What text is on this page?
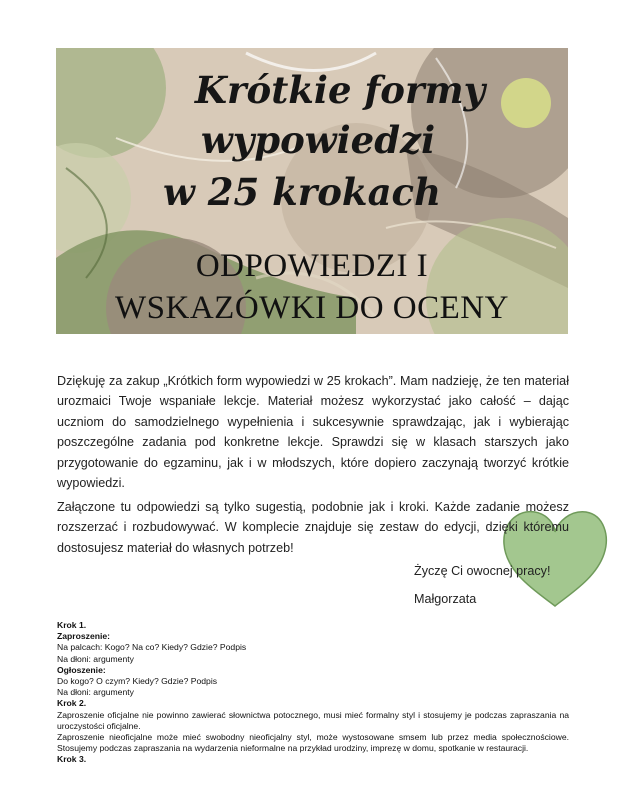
Krótkie formy
wypowiedzi
w 25 krokach
ODPOWIEDZI I
WSKAZÓWKI DO OCENY

Dziękuję za zakup „Krótkich form wypowiedzi w 25 krokach”. Mam nadzieję, że ten materiał urozmaici Twoje wspaniałe lekcje. Materiał możesz wykorzystać jako całość – dając uczniom do samodzielnego wypełnienia i sukcesywnie sprawdzając, jak i wybierając poszczególne zadania pod konkretne lekcje. Sprawdzi się w klasach starszych jako przygotowanie do egzaminu, jak i w młodszych, które dopiero zaczynają tworzyć krótkie wypowiedzi.

Załączone tu odpowiedzi są tylko sugestią, podobnie jak i kroki. Każde zadanie możesz rozszerzać i rozbudowywać. W komplecie znajduje się zestaw do edycji, dzięki któremu dostosujesz materiał do własnych potrzeb!

Życzę Ci owocnej pracy!
Małgorzata
Krok 1.
Zaproszenie:
Na palcach: Kogo? Na co? Kiedy? Gdzie? Podpis
Na dłoni: argumenty
Ogłoszenie:
Do kogo? O czym? Kiedy? Gdzie? Podpis
Na dłoni: argumenty
Krok 2.
Zaproszenie oficjalne nie powinno zawierać słownictwa potocznego, musi mieć formalny styl i stosujemy je podczas zapraszania na uroczystości oficjalne.
Zaproszenie nieoficjalne może mieć swobodny nieoficjalny styl, może wystosowane smsem lub przez media społecznościowe. Stosujemy podczas zapraszania na wydarzenia nieformalne na przykład urodziny, imprezę w domu, spotkanie w restauracji.
Krok 3.
